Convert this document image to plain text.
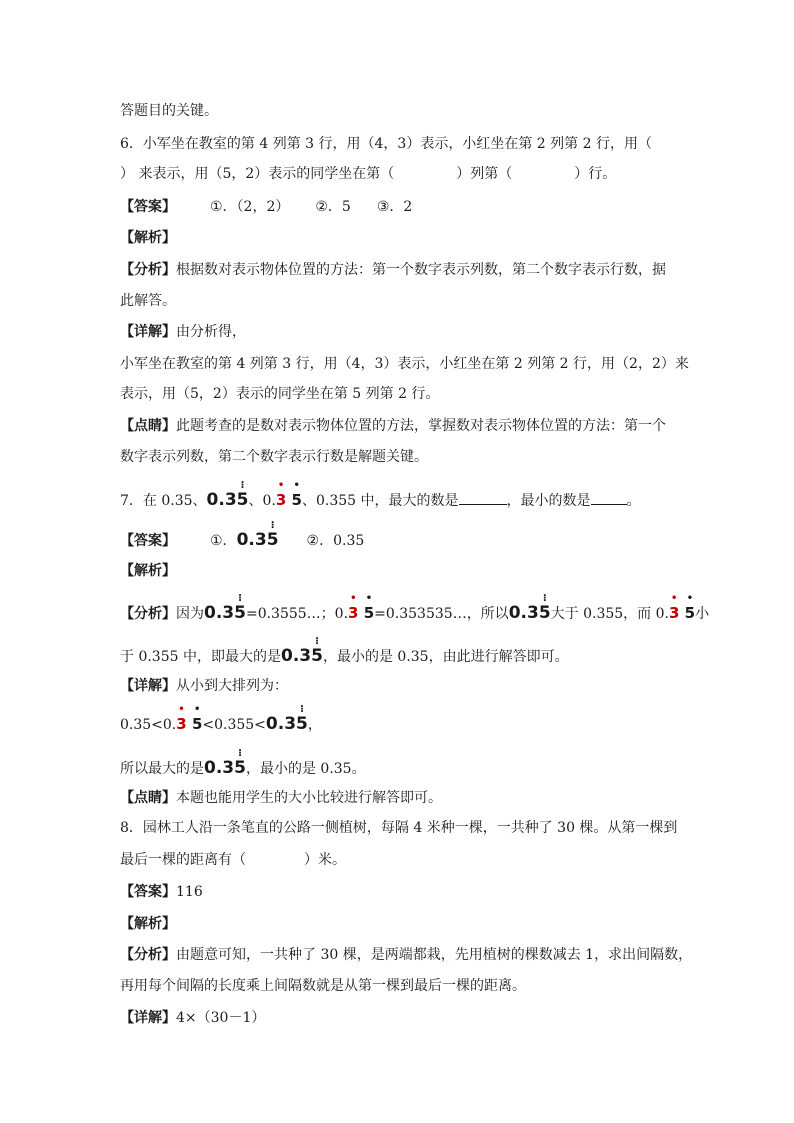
答题目的关键。
6．小军坐在教室的第 4 列第 3 行，用（4，3）表示，小红坐在第 2 列第 2 行，用（
） 来表示，用（5，2）表示的同学坐在第（	）列第（	）行。
【答案】 ①．（2，2） ②．5 ③．2
【解析】
【分析】根据数对表示物体位置的方法：第一个数字表示列数，第二个数字表示行数，据
此解答。
【详解】由分析得，
小军坐在教室的第 4 列第 3 行，用（4，3）表示，小红坐在第 2 列第 2 行，用（2，2）来
表示，用（5，2）表示的同学坐在第 5 列第 2 行。
【点睛】此题考查的是数对表示物体位置的方法，掌握数对表示物体位置的方法：第一个
数字表示列数，第二个数字表示行数是解题关键。
7．在 0.35、0.3
⁝
5、0.
•
3
•
5、0.355 中，最大的数是	，最小的数是	。
【答案】 ①．0.3
⁝
5 ②．0.35
【解析】
【分析】因为0.3
⁝
5=0.3555…；0.
•
3
•
5=0.353535…，所以0.3
⁝
5大于 0.355，而 0.
•
3
•
5小
于 0.355 中，即最大的是0.3
⁝
5，最小的是 0.35，由此进行解答即可。
【详解】从小到大排列为：
0.35<0.
•
3
•
5<0.355<0.3
⁝
5，
所以最大的是0.3
⁝
5，最小的是 0.35。
【点睛】本题也能用学生的大小比较进行解答即可。
8．园林工人沿一条笔直的公路一侧植树，每隔 4 米种一棵，一共种了 30 棵。从第一棵到
最后一棵的距离有（	）米。
【答案】116
【解析】
【分析】由题意可知，一共种了 30 棵，是两端都栽，先用植树的棵数减去 1，求出间隔数，
再用每个间隔的长度乘上间隔数就是从第一棵到最后一棵的距离。
【详解】4×（30－1）
